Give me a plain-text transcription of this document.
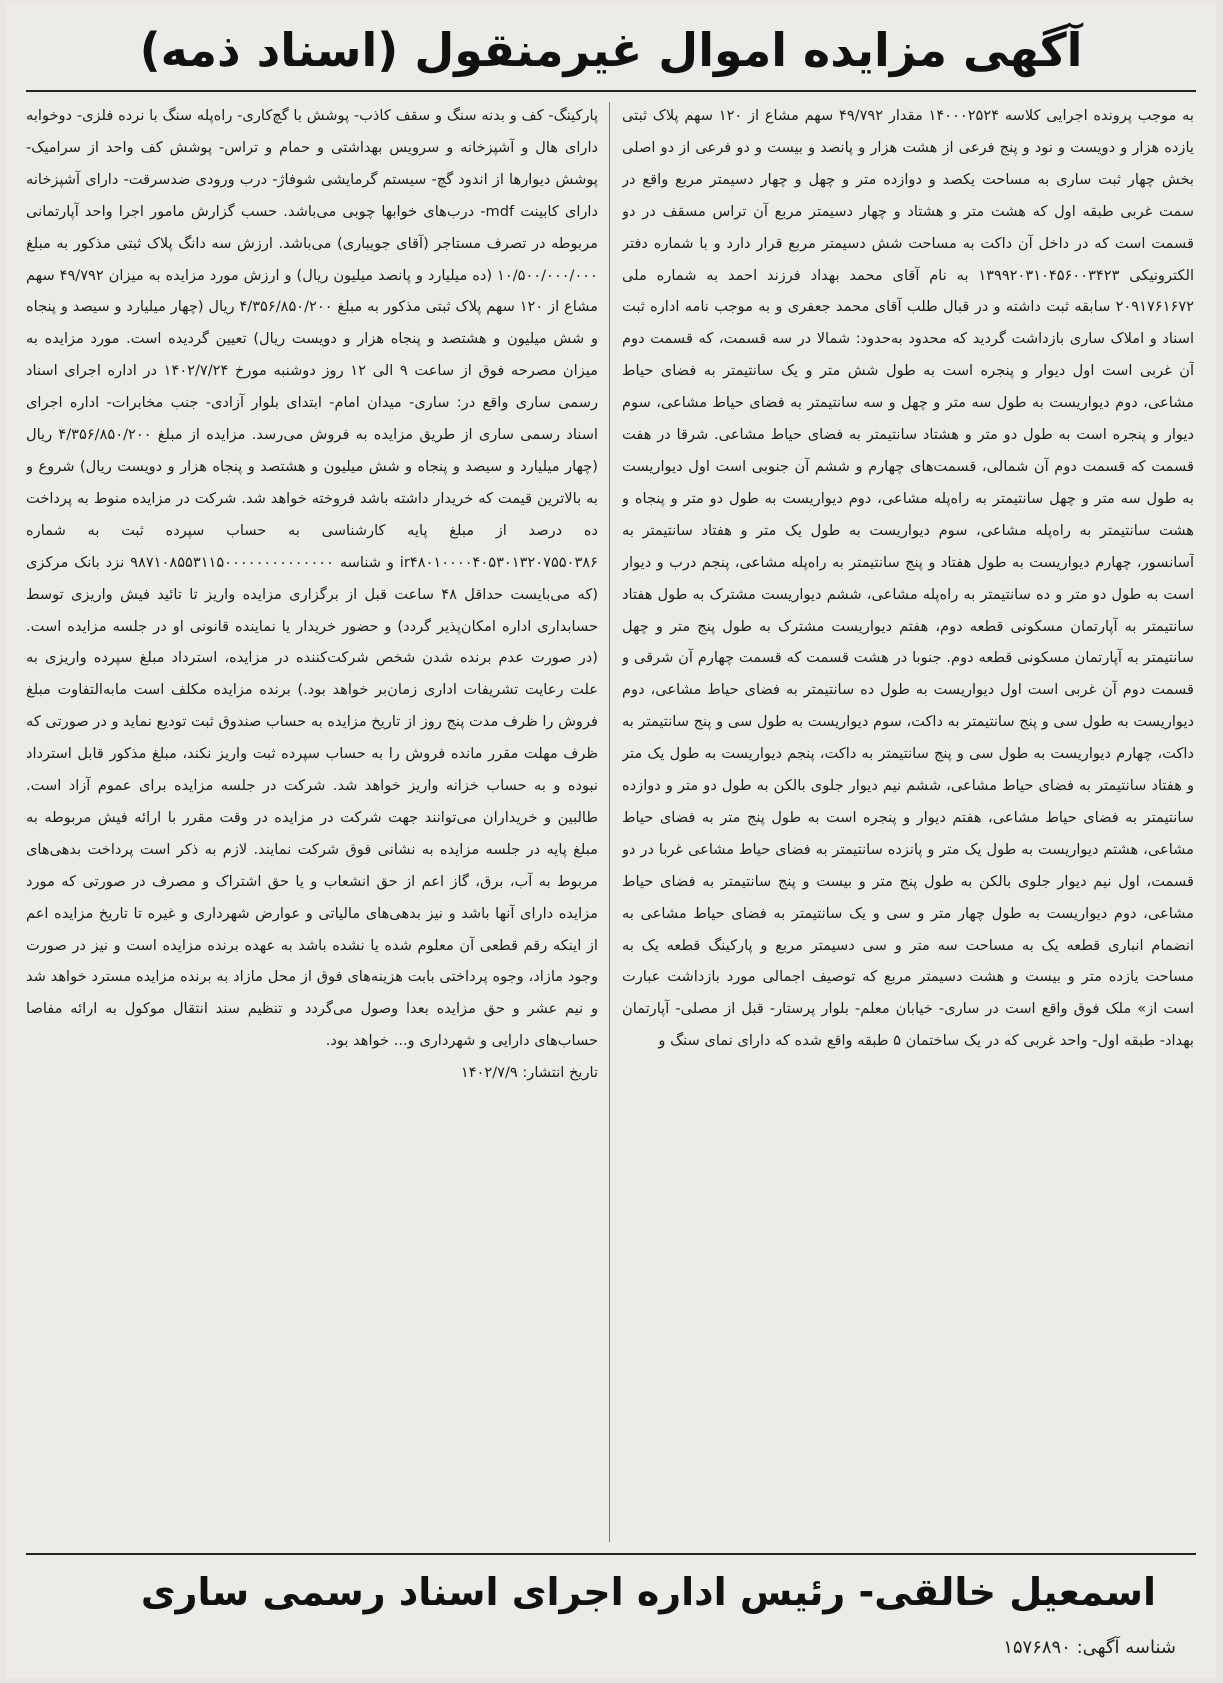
آگهی مزایده اموال غیرمنقول (اسناد ذمه)

به موجب پرونده اجرایی کلاسه ۱۴۰۰۰۲۵۲۴ مقدار ۴۹/۷۹۲ سهم مشاع از ۱۲۰ سهم پلاک ثبتی یازده هزار و دویست و نود و پنج فرعی از هشت هزار و پانصد و بیست و دو فرعی از دو اصلی بخش چهار ثبت ساری به مساحت یکصد و دوازده متر و چهل و چهار دسیمتر مربع واقع در سمت غربی طبقه اول که هشت متر و هشتاد و چهار دسیمتر مربع آن تراس مسقف در دو قسمت است که در داخل آن داکت به مساحت شش دسیمتر مربع قرار دارد و با شماره دفتر الکترونیکی ۱۳۹۹۲۰۳۱۰۴۵۶۰۰۳۴۲۳ به نام آقای محمد بهداد فرزند احمد به شماره ملی ۲۰۹۱۷۶۱۶۷۲ سابقه ثبت داشته و در قبال طلب آقای محمد جعفری و به موجب نامه اداره ثبت اسناد و املاک ساری بازداشت گردید که محدود به‌حدود: شمالا در سه قسمت، که قسمت دوم آن غربی است اول دیوار و پنجره است به طول شش متر و یک سانتیمتر به فضای حیاط مشاعی، دوم دیواریست به طول سه متر و چهل و سه سانتیمتر به فضای حیاط مشاعی، سوم دیوار و پنجره است به طول دو متر و هشتاد سانتیمتر به فضای حیاط مشاعی. شرقا در هفت قسمت که قسمت دوم آن شمالی، قسمت‌های چهارم و ششم آن جنوبی است اول دیواریست به طول سه متر و چهل سانتیمتر به راه‌پله مشاعی، دوم دیواریست به طول دو متر و پنجاه و هشت سانتیمتر به راه‌پله مشاعی، سوم دیواریست به طول یک متر و هفتاد سانتیمتر به آسانسور، چهارم دیواریست به طول هفتاد و پنج سانتیمتر به راه‌پله مشاعی، پنجم درب و دیوار است به طول دو متر و ده سانتیمتر به راه‌پله مشاعی، ششم دیواریست مشترک به طول هفتاد سانتیمتر به آپارتمان مسکونی قطعه دوم، هفتم دیواریست مشترک به طول پنج متر و چهل سانتیمتر به آپارتمان مسکونی قطعه دوم. جنوبا در هشت قسمت که قسمت چهارم آن شرقی و قسمت دوم آن غربی است اول دیواریست به طول ده سانتیمتر به فضای حیاط مشاعی، دوم دیواریست به طول سی و پنج سانتیمتر به داکت، سوم دیواریست به طول سی و پنج سانتیمتر به داکت، چهارم دیواریست به طول سی و پنج سانتیمتر به داکت، پنجم دیواریست به طول یک متر و هفتاد سانتیمتر به فضای حیاط مشاعی، ششم نیم دیوار جلوی بالکن به طول دو متر و دوازده سانتیمتر به فضای حیاط مشاعی، هفتم دیوار و پنجره است به طول پنج متر به فضای حیاط مشاعی، هشتم دیواریست به طول یک متر و پانزده سانتیمتر به فضای حیاط مشاعی غربا در دو قسمت، اول نیم دیوار جلوی بالکن به طول پنج متر و بیست و پنج سانتیمتر به فضای حیاط مشاعی، دوم دیواریست به طول چهار متر و سی و یک سانتیمتر به فضای حیاط مشاعی به انضمام انباری قطعه یک به مساحت سه متر و سی دسیمتر مربع و پارکینگ قطعه یک به مساحت یازده متر و بیست و هشت دسیمتر مربع که توصیف اجمالی مورد بازداشت عبارت است از» ملک فوق واقع است در ساری- خیابان معلم- بلوار پرستار- قبل از مصلی- آپارتمان بهداد- طبقه اول- واحد غربی که در یک ساختمان ۵ طبقه واقع شده که دارای نمای سنگ و

پارکینگ- کف و بدنه سنگ و سقف کاذب- پوشش با گچ‌کاری- راه‌پله سنگ با نرده فلزی- دوخوابه دارای هال و آشپزخانه و سرویس بهداشتی و حمام و تراس- پوشش کف واحد از سرامیک- پوشش دیوارها از اندود گچ- سیستم گرمایشی شوفاژ- درب ورودی ضدسرقت- دارای آشپزخانه دارای کابینت mdf- درب‌های خوابها چوبی می‌باشد. حسب گزارش مامور اجرا واحد آپارتمانی مربوطه در تصرف مستاجر (آقای جویباری) می‌باشد. ارزش سه دانگ پلاک ثبتی مذکور به مبلغ ۱۰/۵۰۰/۰۰۰/۰۰۰ (ده میلیارد و پانصد میلیون ریال) و ارزش مورد مزایده به میزان ۴۹/۷۹۲ سهم مشاع از ۱۲۰ سهم پلاک ثبتی مذکور به مبلغ ۴/۳۵۶/۸۵۰/۲۰۰ ریال (چهار میلیارد و سیصد و پنجاه و شش میلیون و هشتصد و پنجاه هزار و دویست ریال) تعیین گردیده است. مورد مزایده به میزان مصرحه فوق از ساعت ۹ الی ۱۲ روز دوشنبه مورخ ۱۴۰۲/۷/۲۴ در اداره اجرای اسناد رسمی ساری واقع در: ساری- میدان امام- ابتدای بلوار آزادی- جنب مخابرات- اداره اجرای اسناد رسمی ساری از طریق مزایده به فروش می‌رسد. مزایده از مبلغ ۴/۳۵۶/۸۵۰/۲۰۰ ریال (چهار میلیارد و سیصد و پنجاه و شش میلیون و هشتصد و پنجاه هزار و دویست ریال) شروع و به بالاترین قیمت که خریدار داشته باشد فروخته خواهد شد. شرکت در مزایده منوط به پرداخت ده درصد از مبلغ پایه کارشناسی به حساب سپرده ثبت به شماره ir۴۸۰۱۰۰۰۰۴۰۵۳۰۱۳۲۰۷۵۵۰۳۸۶ و شناسه ۹۸۷۱۰۸۵۵۳۱۱۵۰۰۰۰۰۰۰۰۰۰۰۰۰۰ نزد بانک مرکزی (که می‌بایست حداقل ۴۸ ساعت قبل از برگزاری مزایده واریز تا تائید فیش واریزی توسط حسابداری اداره امکان‌پذیر گردد) و حضور خریدار یا نماینده قانونی او در جلسه مزایده است. (در صورت عدم برنده شدن شخص شرکت‌کننده در مزایده، استرداد مبلغ سپرده واریزی به علت رعایت تشریفات اداری زمان‌بر خواهد بود.) برنده مزایده مکلف است مابه‌التفاوت مبلغ فروش را ظرف مدت پنج روز از تاریخ مزایده به حساب صندوق ثبت تودیع نماید و در صورتی که ظرف مهلت مقرر مانده فروش را به حساب سپرده ثبت واریز نکند، مبلغ مذکور قابل استرداد نبوده و به حساب خزانه واریز خواهد شد. شرکت در جلسه مزایده برای عموم آزاد است. طالبین و خریداران می‌توانند جهت شرکت در مزایده در وقت مقرر با ارائه فیش مربوطه به مبلغ پایه در جلسه مزایده به نشانی فوق شرکت نمایند. لازم به ذکر است پرداخت بدهی‌های مربوط به آب، برق، گاز اعم از حق انشعاب و یا حق اشتراک و مصرف در صورتی که مورد مزایده دارای آنها باشد و نیز بدهی‌های مالیاتی و عوارض شهرداری و غیره تا تاریخ مزایده اعم از اینکه رقم قطعی آن معلوم شده یا نشده باشد به عهده برنده مزایده است و نیز در صورت وجود مازاد، وجوه پرداختی بابت هزینه‌های فوق از محل مازاد به برنده مزایده مسترد خواهد شد و نیم عشر و حق مزایده بعدا وصول می‌گردد و تنظیم سند انتقال موکول به ارائه مفاصا حساب‌های دارایی و شهرداری و... خواهد بود.

تاریخ انتشار: ۱۴۰۲/۷/۹

اسمعیل خالقی- رئیس اداره اجرای اسناد رسمی ساری
شناسه آگهی: ۱۵۷۶۸۹۰
